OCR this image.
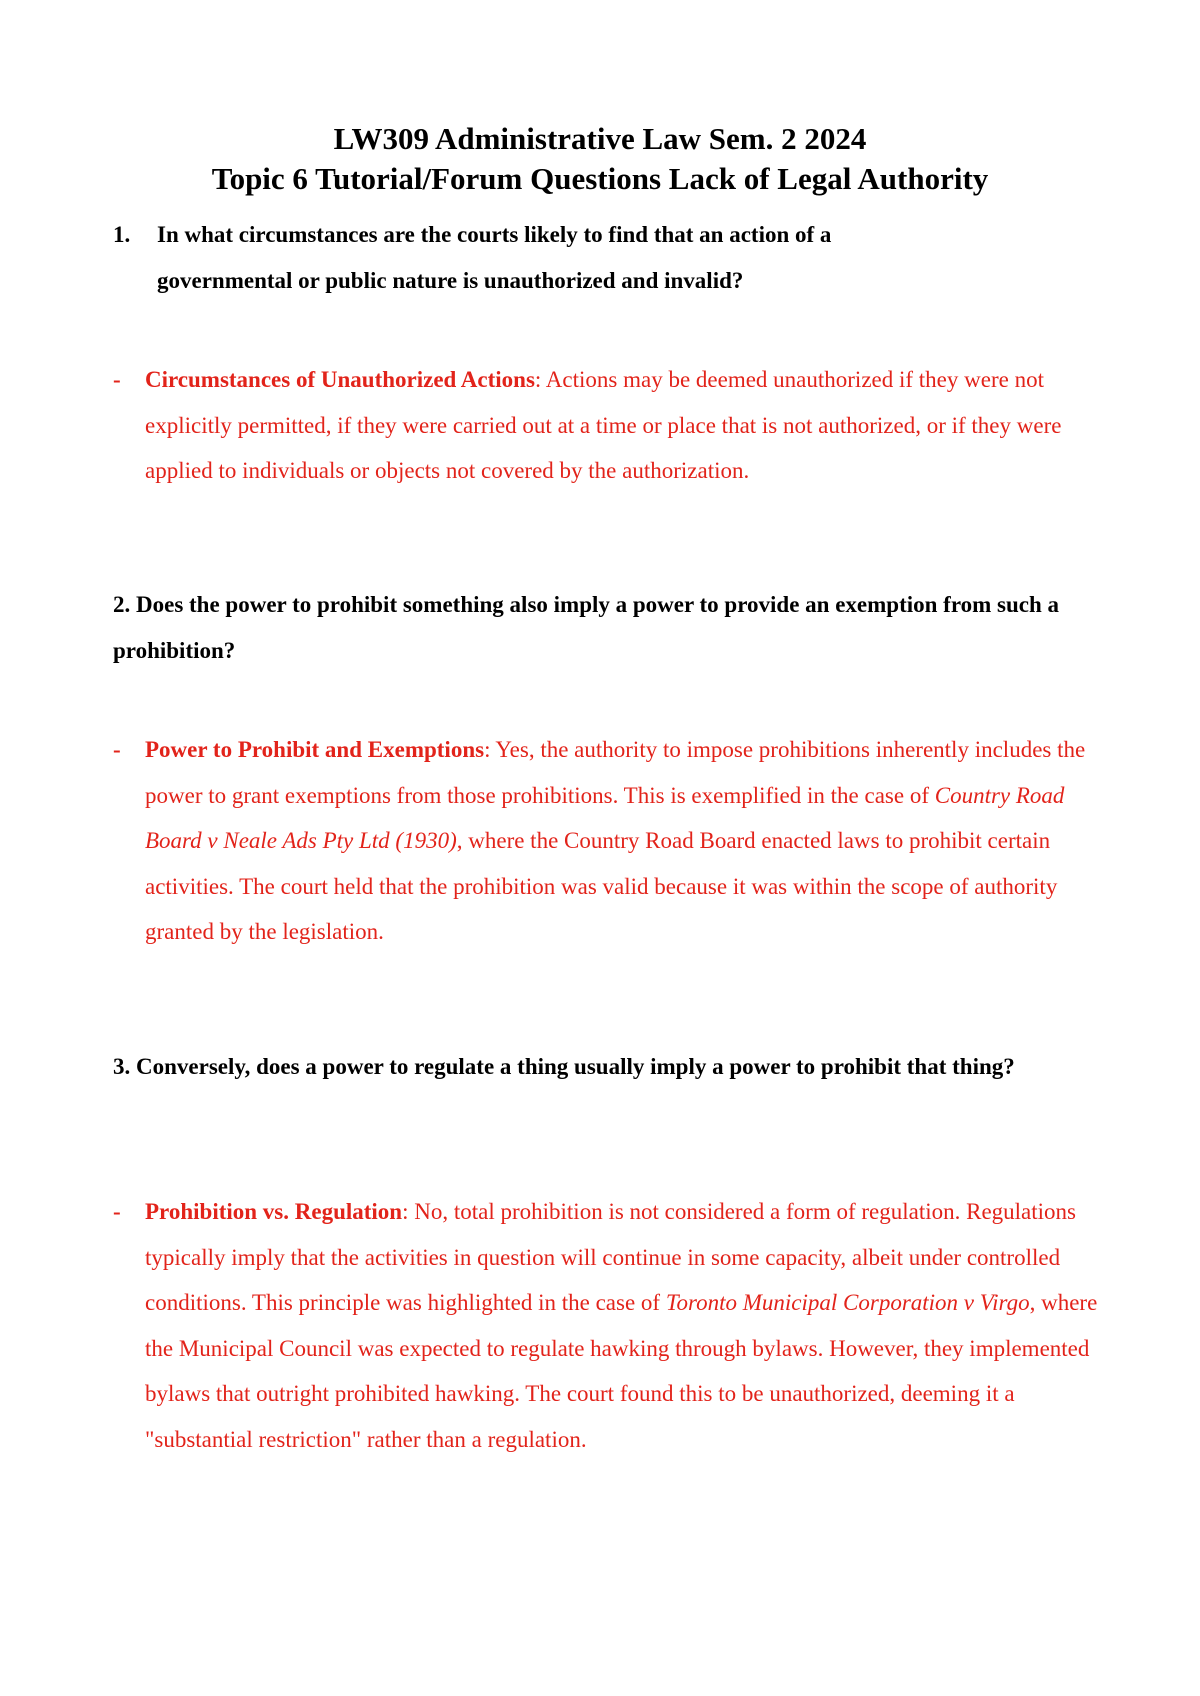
LW309 Administrative Law Sem. 2 2024
Topic 6 Tutorial/Forum Questions Lack of Legal Authority
1. In what circumstances are the courts likely to find that an action of a
governmental or public nature is unauthorized and invalid?
-	Circumstances of Unauthorized Actions: Actions may be deemed unauthorized if they were not explicitly permitted, if they were carried out at a time or place that is not authorized, or if they were applied to individuals or objects not covered by the authorization.

2. Does the power to prohibit something also imply a power to provide an exemption from such a prohibition?

-	Power to Prohibit and Exemptions: Yes, the authority to impose prohibitions inherently includes the power to grant exemptions from those prohibitions. This is exemplified in the case of Country Road Board v Neale Ads Pty Ltd (1930), where the Country Road Board enacted laws to prohibit certain activities. The court held that the prohibition was valid because it was within the scope of authority granted by the legislation.

3. Conversely, does a power to regulate a thing usually imply a power to prohibit that thing?

-	Prohibition vs. Regulation: No, total prohibition is not considered a form of regulation. Regulations typically imply that the activities in question will continue in some capacity, albeit under controlled conditions. This principle was highlighted in the case of Toronto Municipal Corporation v Virgo, where the Municipal Council was expected to regulate hawking through bylaws. However, they implemented bylaws that outright prohibited hawking. The court found this to be unauthorized, deeming it a "substantial restriction" rather than a regulation.
